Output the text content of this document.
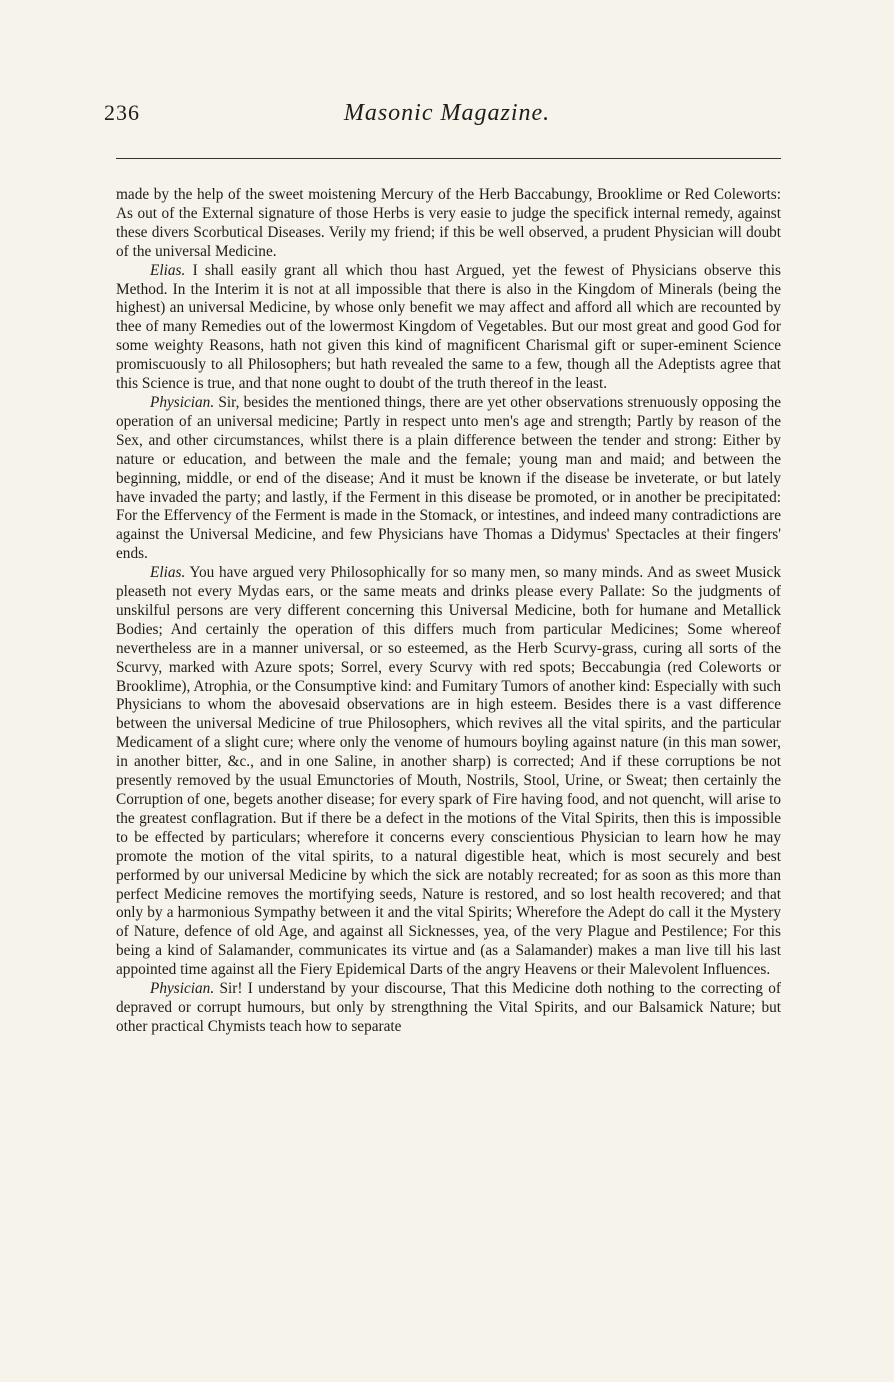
236	Masonic Magazine.

made by the help of the sweet moistening Mercury of the Herb Baccabungy, Brooklime or Red Coleworts: As out of the External signature of those Herbs is very easie to judge the specifick internal remedy, against these divers Scorbutical Diseases. Verily my friend; if this be well observed, a prudent Physician will doubt of the universal Medicine.

Elias. I shall easily grant all which thou hast Argued, yet the fewest of Physicians observe this Method. In the Interim it is not at all impossible that there is also in the Kingdom of Minerals (being the highest) an universal Medicine, by whose only benefit we may affect and afford all which are recounted by thee of many Remedies out of the lowermost Kingdom of Vegetables. But our most great and good God for some weighty Reasons, hath not given this kind of magnificent Charismal gift or super-eminent Science promiscuously to all Philosophers; but hath revealed the same to a few, though all the Adeptists agree that this Science is true, and that none ought to doubt of the truth thereof in the least.

Physician. Sir, besides the mentioned things, there are yet other observations strenuously opposing the operation of an universal medicine; Partly in respect unto men's age and strength; Partly by reason of the Sex, and other circumstances, whilst there is a plain difference between the tender and strong: Either by nature or education, and between the male and the female; young man and maid; and between the beginning, middle, or end of the disease; And it must be known if the disease be inveterate, or but lately have invaded the party; and lastly, if the Ferment in this disease be promoted, or in another be precipitated: For the Effervency of the Ferment is made in the Stomack, or intestines, and indeed many contradictions are against the Universal Medicine, and few Physicians have Thomas a Didymus' Spectacles at their fingers' ends.

Elias. You have argued very Philosophically for so many men, so many minds. And as sweet Musick pleaseth not every Mydas ears, or the same meats and drinks please every Pallate: So the judgments of unskilful persons are very different concerning this Universal Medicine, both for humane and Metallick Bodies; And certainly the operation of this differs much from particular Medicines; Some whereof nevertheless are in a manner universal, or so esteemed, as the Herb Scurvy-grass, curing all sorts of the Scurvy, marked with Azure spots; Sorrel, every Scurvy with red spots; Beccabungia (red Coleworts or Brooklime), Atrophia, or the Consumptive kind: and Fumitary Tumors of another kind: Especially with such Physicians to whom the abovesaid observations are in high esteem. Besides there is a vast difference between the universal Medicine of true Philosophers, which revives all the vital spirits, and the particular Medicament of a slight cure; where only the venome of humours boyling against nature (in this man sower, in another bitter, &c., and in one Saline, in another sharp) is corrected; And if these corruptions be not presently removed by the usual Emunctories of Mouth, Nostrils, Stool, Urine, or Sweat; then certainly the Corruption of one, begets another disease; for every spark of Fire having food, and not quencht, will arise to the greatest conflagration. But if there be a defect in the motions of the Vital Spirits, then this is impossible to be effected by particulars; wherefore it concerns every conscientious Physician to learn how he may promote the motion of the vital spirits, to a natural digestible heat, which is most securely and best performed by our universal Medicine by which the sick are notably recreated; for as soon as this more than perfect Medicine removes the mortifying seeds, Nature is restored, and so lost health recovered; and that only by a harmonious Sympathy between it and the vital Spirits; Wherefore the Adept do call it the Mystery of Nature, defence of old Age, and against all Sicknesses, yea, of the very Plague and Pestilence; For this being a kind of Salamander, communicates its virtue and (as a Salamander) makes a man live till his last appointed time against all the Fiery Epidemical Darts of the angry Heavens or their Malevolent Influences.

Physician. Sir! I understand by your discourse, That this Medicine doth nothing to the correcting of depraved or corrupt humours, but only by strengthning the Vital Spirits, and our Balsamick Nature; but other practical Chymists teach how to separate
